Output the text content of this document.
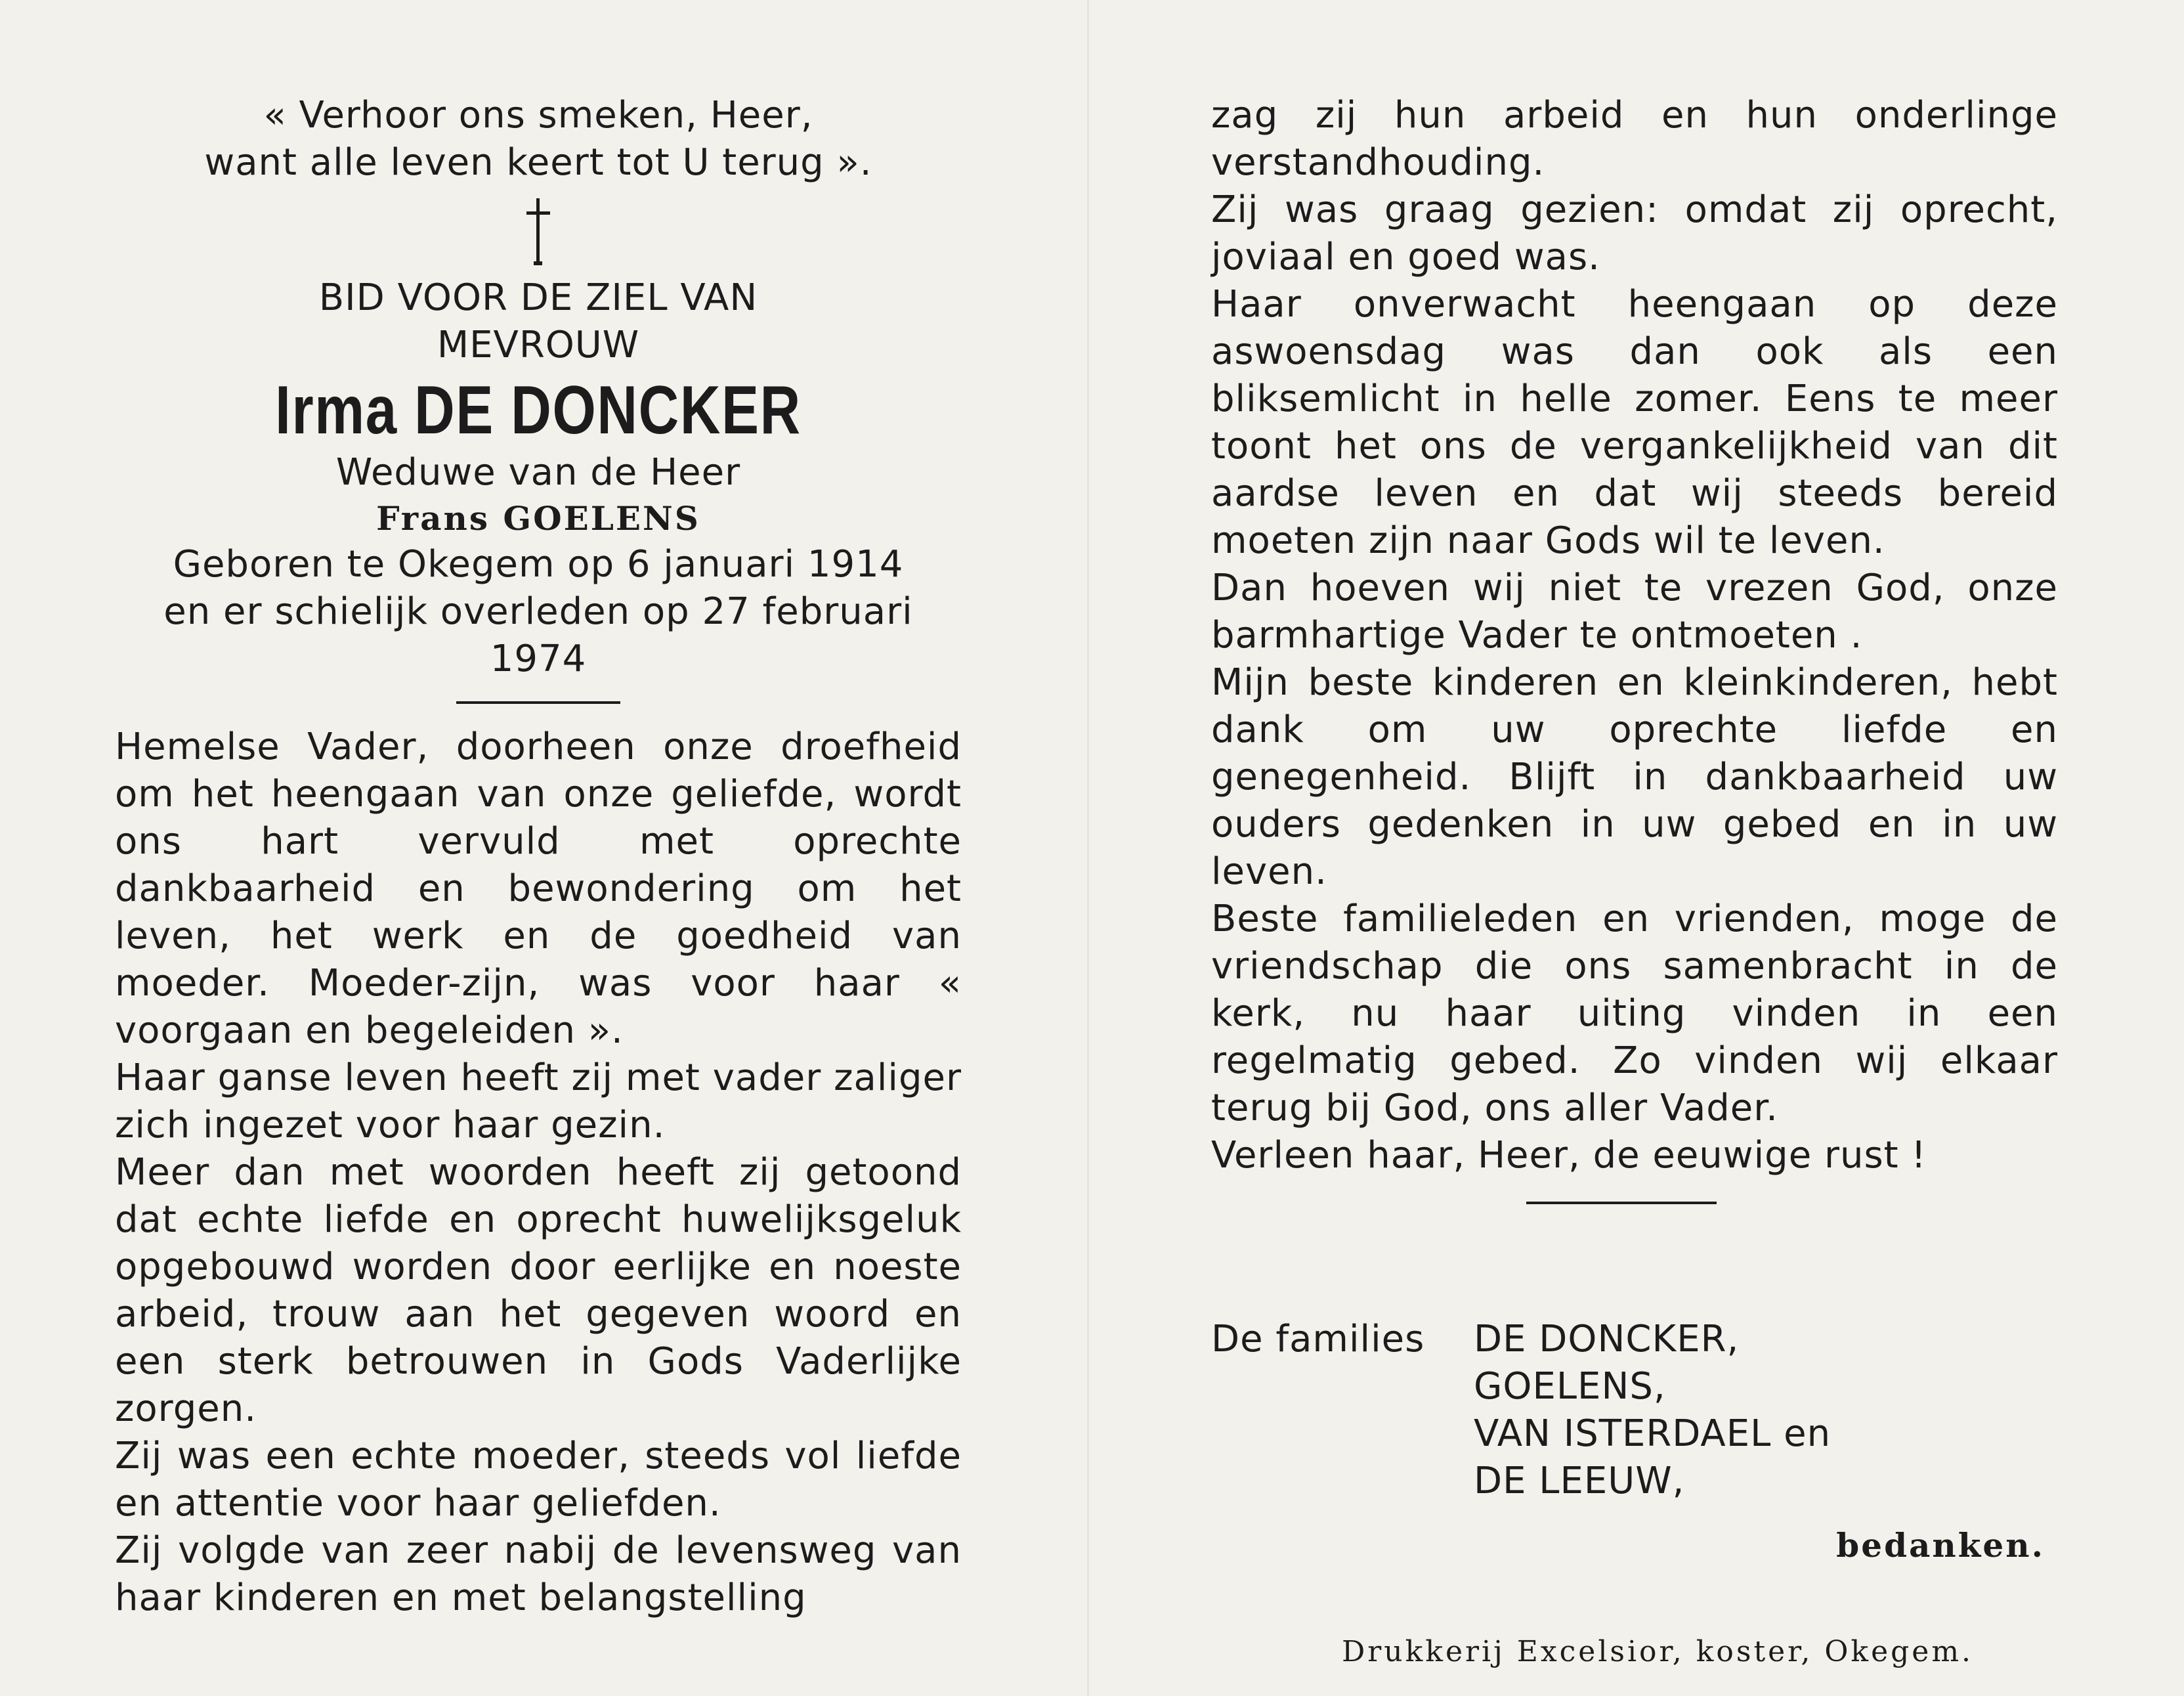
« Verhoor ons smeken, Heer,
want alle leven keert tot U terug ».

BID VOOR DE ZIEL VAN

MEVROUW

Irma DE DONCKER
Weduwe van de Heer
Frans GOELENS
Geboren te Okegem op 6 januari 1914
en er schielijk overleden op 27 februari
1974

Hemelse Vader, doorheen onze droefheid om het heengaan van onze geliefde, wordt ons hart vervuld met oprechte dankbaarheid en bewondering om het leven, het werk en de goedheid van moeder. Moeder-zijn, was voor haar « voorgaan en begeleiden ».

Haar ganse leven heeft zij met vader zaliger zich ingezet voor haar gezin.

Meer dan met woorden heeft zij getoond dat echte liefde en oprecht huwelijksgeluk opgebouwd worden door eerlijke en noeste arbeid, trouw aan het gegeven woord en een sterk betrouwen in Gods Vaderlijke zorgen.

Zij was een echte moeder, steeds vol liefde en attentie voor haar geliefden.

Zij volgde van zeer nabij de levensweg van haar kinderen en met belangstelling

zag zij hun arbeid en hun onderlinge verstandhouding.

Zij was graag gezien: omdat zij oprecht, joviaal en goed was.

Haar onverwacht heengaan op deze aswoensdag was dan ook als een bliksemlicht in helle zomer. Eens te meer toont het ons de vergankelijkheid van dit aardse leven en dat wij steeds bereid moeten zijn naar Gods wil te leven.

Dan hoeven wij niet te vrezen God, onze barmhartige Vader te ontmoeten .

Mijn beste kinderen en kleinkinderen, hebt dank om uw oprechte liefde en genegenheid. Blijft in dankbaarheid uw ouders gedenken in uw gebed en in uw leven.

Beste familieleden en vrienden, moge de vriendschap die ons samenbracht in de kerk, nu haar uiting vinden in een regelmatig gebed. Zo vinden wij elkaar terug bij God, ons aller Vader.

Verleen haar, Heer, de eeuwige rust !

De families	DE DONCKER,
GOELENS,
VAN ISTERDAEL en
DE LEEUW,
bedanken.
Drukkerij Excelsior, koster, Okegem.
